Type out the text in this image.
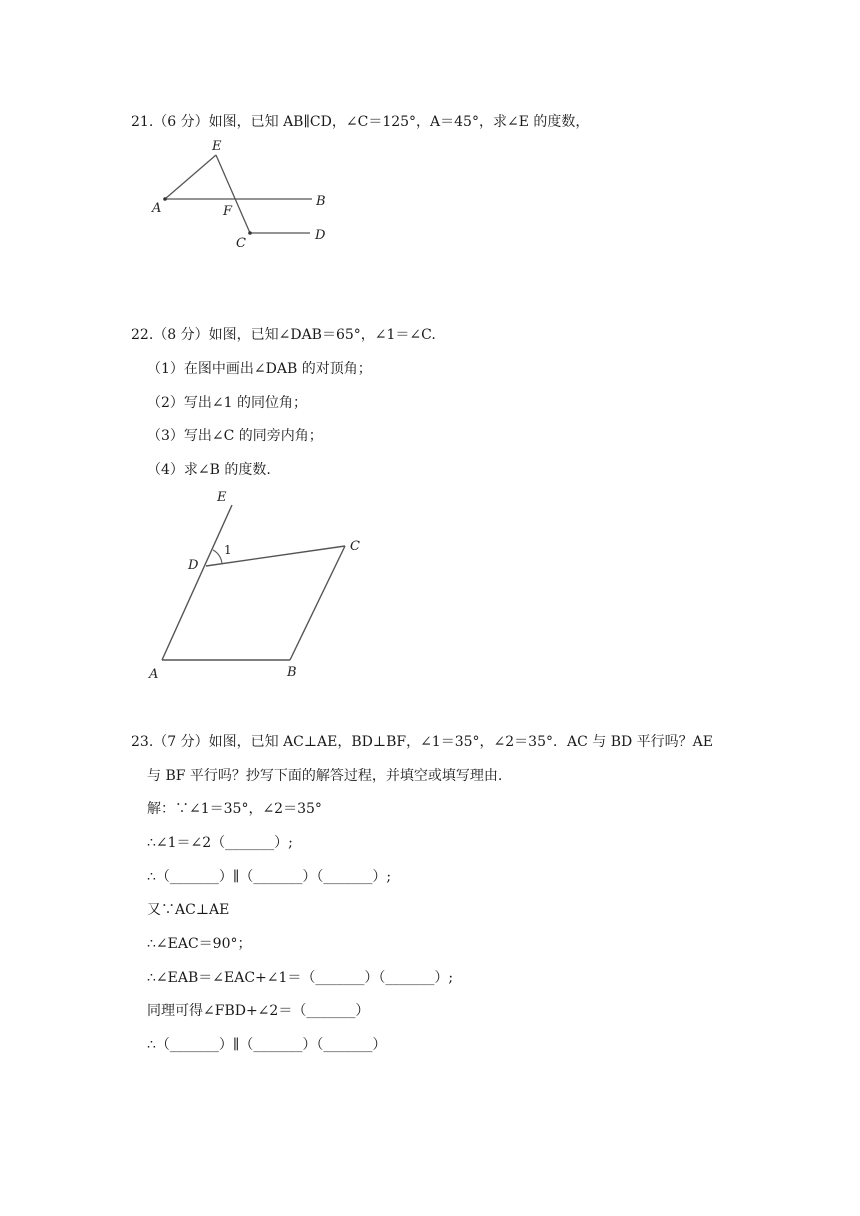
21.（6 分）如图，已知 AB∥CD，∠C＝125°，A＝45°，求∠E 的度数，
E
A	F
B
C
D
22.（8 分）如图，已知∠DAB＝65°，∠1＝∠C.
（1）在图中画出∠DAB 的对顶角；
（2）写出∠1 的同位角；
（3）写出∠C 的同旁内角；
（4）求∠B 的度数.
E
D
1	C
A	B
23.（7 分）如图，已知 AC⊥AE，BD⊥BF，∠1＝35°，∠2＝35°．AC 与 BD 平行吗？AE
与 BF 平行吗？抄写下面的解答过程，并填空或填写理由.
解：∵∠1＝35°，∠2＝35°
∴∠1＝∠2（_______）;
∴（_______）∥（_______）（_______）;
又∵AC⊥AE
∴∠EAC＝90°；
∴∠EAB＝∠EAC+∠1＝（_______）（_______）;
同理可得∠FBD+∠2＝（_______）
∴（_______）∥（_______）（_______）
